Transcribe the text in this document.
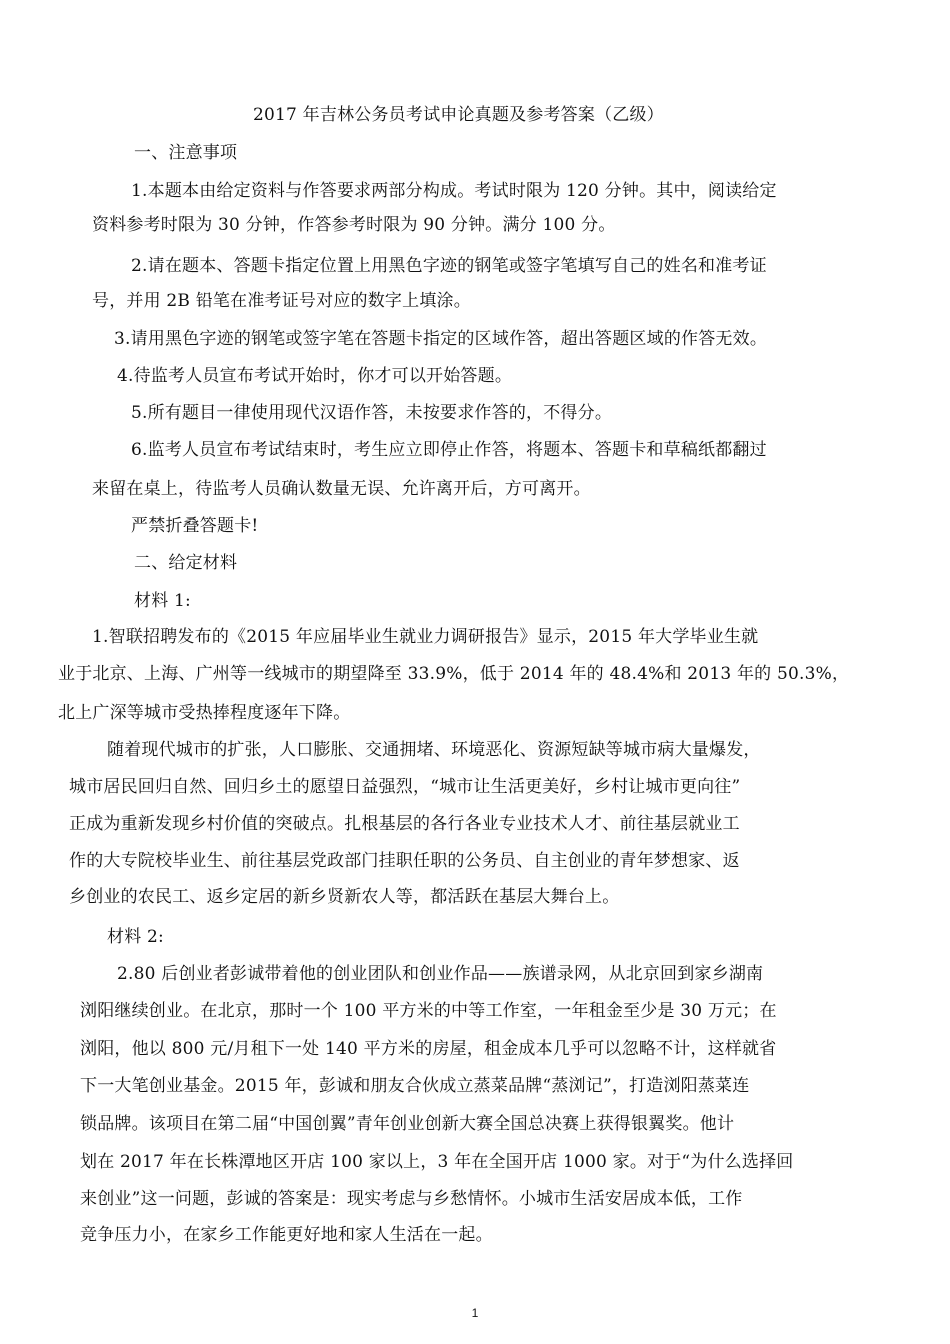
2017 年吉林公务员考试申论真题及参考答案（乙级）
一、注意事项
1.本题本由给定资料与作答要求两部分构成。考试时限为 120 分钟。其中，阅读给定
资料参考时限为 30 分钟，作答参考时限为 90 分钟。满分 100 分。
2.请在题本、答题卡指定位置上用黑色字迹的钢笔或签字笔填写自己的姓名和准考证
号，并用 2B 铅笔在准考证号对应的数字上填涂。
3.请用黑色字迹的钢笔或签字笔在答题卡指定的区域作答，超出答题区域的作答无效。
4.待监考人员宣布考试开始时，你才可以开始答题。
5.所有题目一律使用现代汉语作答，未按要求作答的，不得分。
6.监考人员宣布考试结束时，考生应立即停止作答，将题本、答题卡和草稿纸都翻过
来留在桌上，待监考人员确认数量无误、允许离开后，方可离开。
严禁折叠答题卡!
二、给定材料
材料 1:
1.智联招聘发布的《2015 年应届毕业生就业力调研报告》显示，2015 年大学毕业生就
业于北京、上海、广州等一线城市的期望降至 33.9%，低于 2014 年的 48.4%和 2013 年的 50.3%，
北上广深等城市受热捧程度逐年下降。
随着现代城市的扩张，人口膨胀、交通拥堵、环境恶化、资源短缺等城市病大量爆发，
城市居民回归自然、回归乡土的愿望日益强烈，“城市让生活更美好，乡村让城市更向往”
正成为重新发现乡村价值的突破点。扎根基层的各行各业专业技术人才、前往基层就业工
作的大专院校毕业生、前往基层党政部门挂职任职的公务员、自主创业的青年梦想家、返
乡创业的农民工、返乡定居的新乡贤新农人等，都活跃在基层大舞台上。
材料 2:
2.80 后创业者彭诚带着他的创业团队和创业作品——族谱录网，从北京回到家乡湖南
浏阳继续创业。在北京，那时一个 100 平方米的中等工作室，一年租金至少是 30 万元；在
浏阳，他以 800 元/月租下一处 140 平方米的房屋，租金成本几乎可以忽略不计，这样就省
下一大笔创业基金。2015 年，彭诚和朋友合伙成立蒸菜品牌“蒸浏记”，打造浏阳蒸菜连
锁品牌。该项目在第二届“中国创翼”青年创业创新大赛全国总决赛上获得银翼奖。他计
划在 2017 年在长株潭地区开店 100 家以上，3 年在全国开店 1000 家。对于“为什么选择回
来创业”这一问题，彭诚的答案是：现实考虑与乡愁情怀。小城市生活安居成本低，工作
竞争压力小，在家乡工作能更好地和家人生活在一起。
1
